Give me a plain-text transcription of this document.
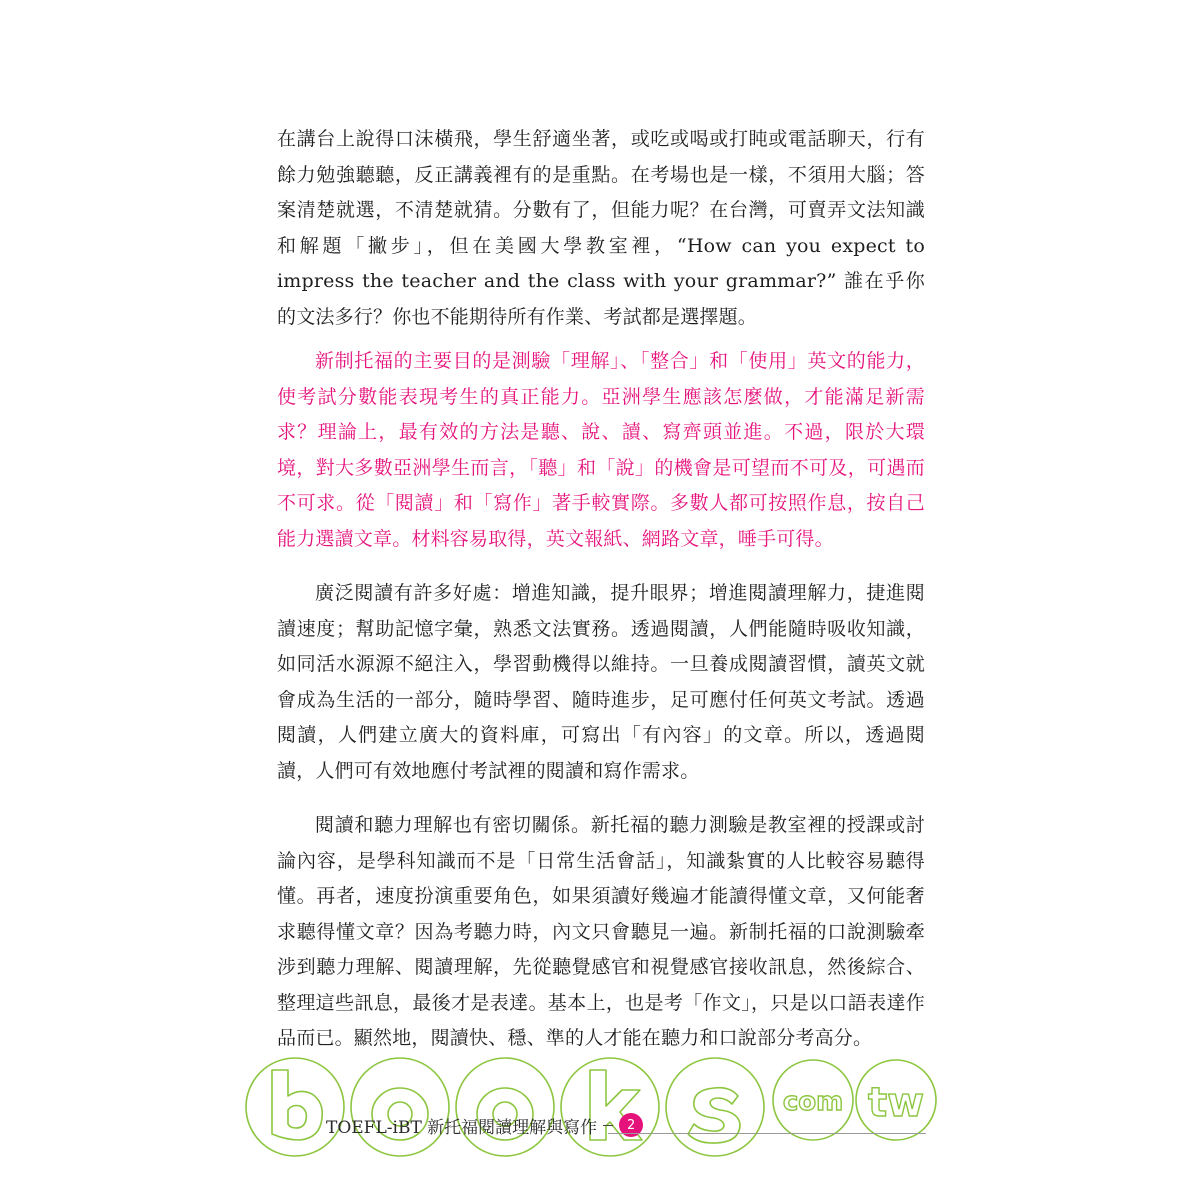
在講台上說得口沫橫飛，學生舒適坐著，或吃或喝或打盹或電話聊天，行有餘力勉強聽聽，反正講義裡有的是重點。在考場也是一樣，不須用大腦；答案清楚就選，不清楚就猜。分數有了，但能力呢？在台灣，可賣弄文法知識和解題「撇步」，但在美國大學教室裡，“How can you expect to impress the teacher and the class with your grammar?” 誰在乎你的文法多行？你也不能期待所有作業、考試都是選擇題。

新制托福的主要目的是測驗「理解」、「整合」和「使用」英文的能力，使考試分數能表現考生的真正能力。亞洲學生應該怎麼做，才能滿足新需求？理論上，最有效的方法是聽、說、讀、寫齊頭並進。不過，限於大環境，對大多數亞洲學生而言，「聽」和「說」的機會是可望而不可及，可遇而不可求。從「閱讀」和「寫作」著手較實際。多數人都可按照作息，按自己能力選讀文章。材料容易取得，英文報紙、網路文章，唾手可得。

廣泛閱讀有許多好處：增進知識，提升眼界；增進閱讀理解力，捷進閱讀速度；幫助記憶字彙，熟悉文法實務。透過閱讀，人們能隨時吸收知識，如同活水源源不絕注入，學習動機得以維持。一旦養成閱讀習慣，讀英文就會成為生活的一部分，隨時學習、隨時進步，足可應付任何英文考試。透過閱讀，人們建立廣大的資料庫，可寫出「有內容」的文章。所以，透過閱讀，人們可有效地應付考試裡的閱讀和寫作需求。

閱讀和聽力理解也有密切關係。新托福的聽力測驗是教室裡的授課或討論內容，是學科知識而不是「日常生活會話」，知識紮實的人比較容易聽得懂。再者，速度扮演重要角色，如果須讀好幾遍才能讀得懂文章，又何能奢求聽得懂文章？因為考聽力時，內文只會聽見一遍。新制托福的口說測驗牽涉到聽力理解、閱讀理解，先從聽覺感官和視覺感官接收訊息，然後綜合、整理這些訊息，最後才是表達。基本上，也是考「作文」，只是以口語表達作品而已。顯然地，閱讀快、穩、準的人才能在聽力和口說部分考高分。

com tw
TOEFL-iBT 新托福閱讀理解與寫作 2
